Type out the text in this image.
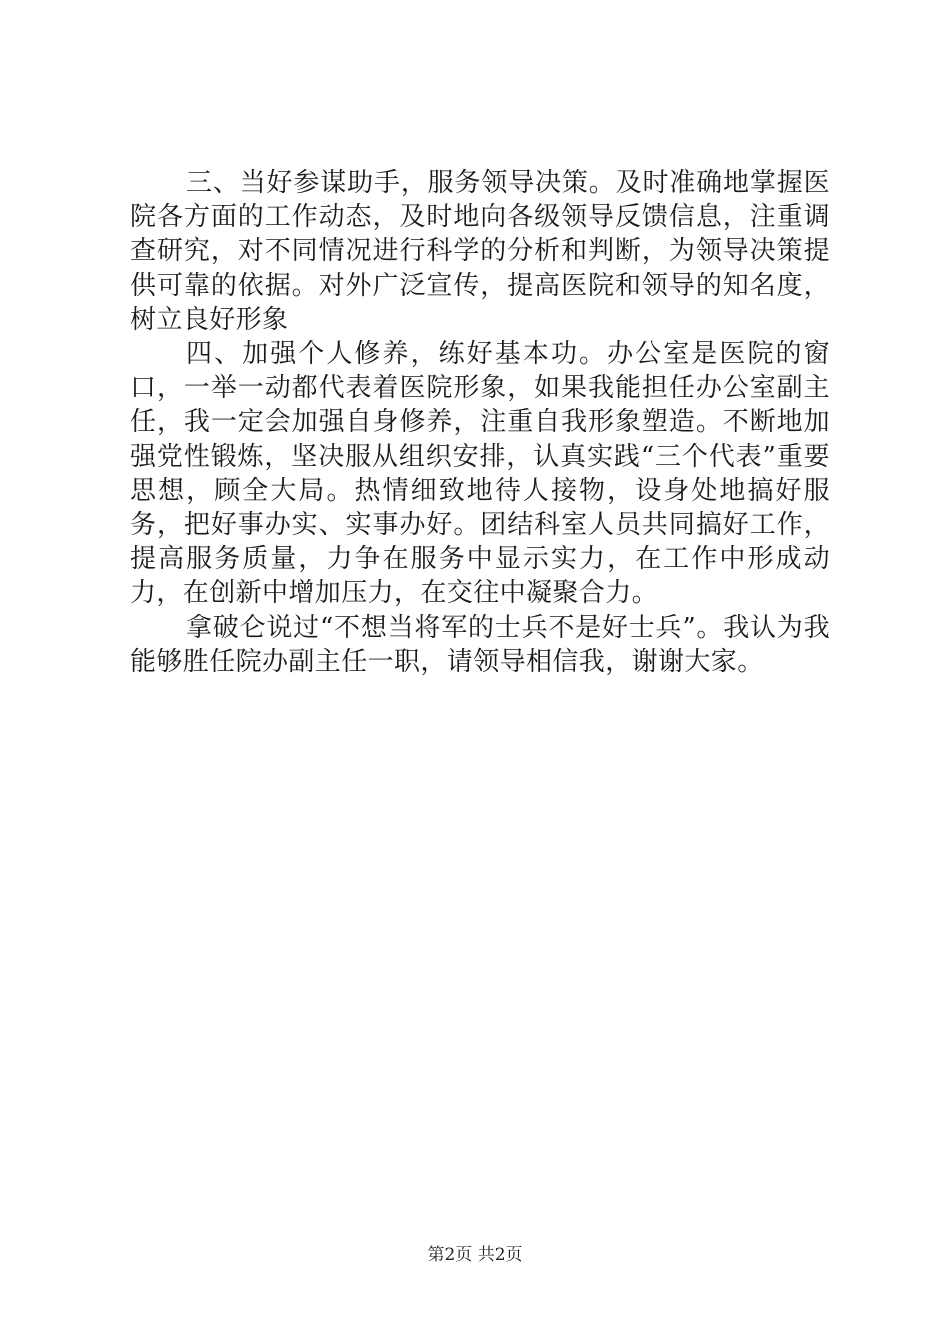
三、当好参谋助手，服务领导决策。及时准确地掌握医院各方面的工作动态，及时地向各级领导反馈信息，注重调查研究，对不同情况进行科学的分析和判断，为领导决策提供可靠的依据。对外广泛宣传，提高医院和领导的知名度，树立良好形象

四、加强个人修养，练好基本功。办公室是医院的窗口，一举一动都代表着医院形象，如果我能担任办公室副主任，我一定会加强自身修养，注重自我形象塑造。不断地加强党性锻炼，坚决服从组织安排，认真实践“三个代表”重要思想，顾全大局。热情细致地待人接物，设身处地搞好服务，把好事办实、实事办好。团结科室人员共同搞好工作，提高服务质量，力争在服务中显示实力，在工作中形成动力，在创新中增加压力，在交往中凝聚合力。

拿破仑说过“不想当将军的士兵不是好士兵”。我认为我能够胜任院办副主任一职，请领导相信我，谢谢大家。

第2页 共2页
